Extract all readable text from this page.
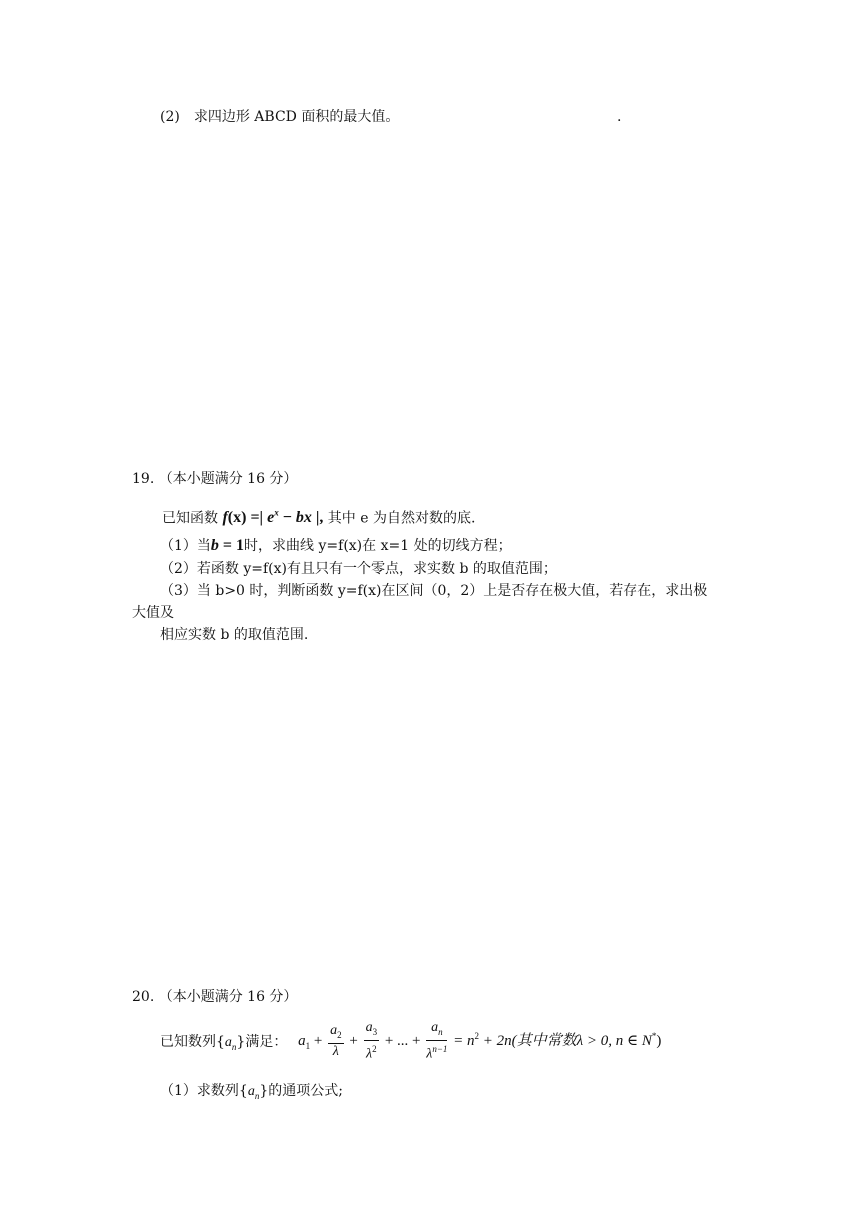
(2) 求四边形 ABCD 面积的最大值。	.
19. （本小题满分 16 分）
已知函数 f(x) =| $e^x$ − bx |, 其中 e 为自然对数的底.
（1）当b = 1时，求曲线 y=f(x)在 x=1 处的切线方程；
（2）若函数 y=f(x)有且只有一个零点，求实数 b 的取值范围；
（3）当 b>0 时，判断函数 y=f(x)在区间（0，2）上是否存在极大值，若存在，求出极
大值及
相应实数 b 的取值范围.
20. （本小题满分 16 分）
已知数列$\{a_n\}$满足： $a_1 + \frac{a_2}{\lambda} + \frac{a_3}{\lambda^2}$ + ... + $\frac{a_n}{\lambda^{n-1}} = n^2 + 2n$(其中常数λ > 0, n ∈ N*)
（1）求数列$\{a_n\}$的通项公式;
